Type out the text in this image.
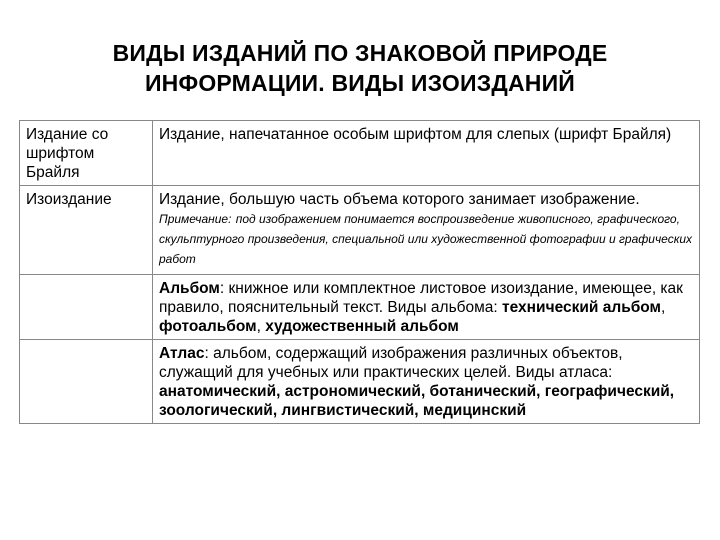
ВИДЫ ИЗДАНИЙ ПО ЗНАКОВОЙ ПРИРОДЕ
ИНФОРМАЦИИ. ВИДЫ ИЗОИЗДАНИЙ
Издание со шрифтом Брайля	Издание, напечатанное особым шрифтом для слепых (шрифт Брайля)
Изоиздание	Издание, большую часть объема которого занимает изображение. Примечание: под изображением понимается воспроизведение живописного, графического, скульптурного произведения, специальной или художественной фотографии и графических работ
	Альбом: книжное или комплектное листовое изоиздание, имеющее, как правило, пояснительный текст. Виды альбома: технический альбом, фотоальбом, художественный альбом
	Атлас: альбом, содержащий изображения различных объектов, служащий для учебных или практических целей. Виды атласа: анатомический, астрономический, ботанический, географический, зоологический, лингвистический, медицинский
